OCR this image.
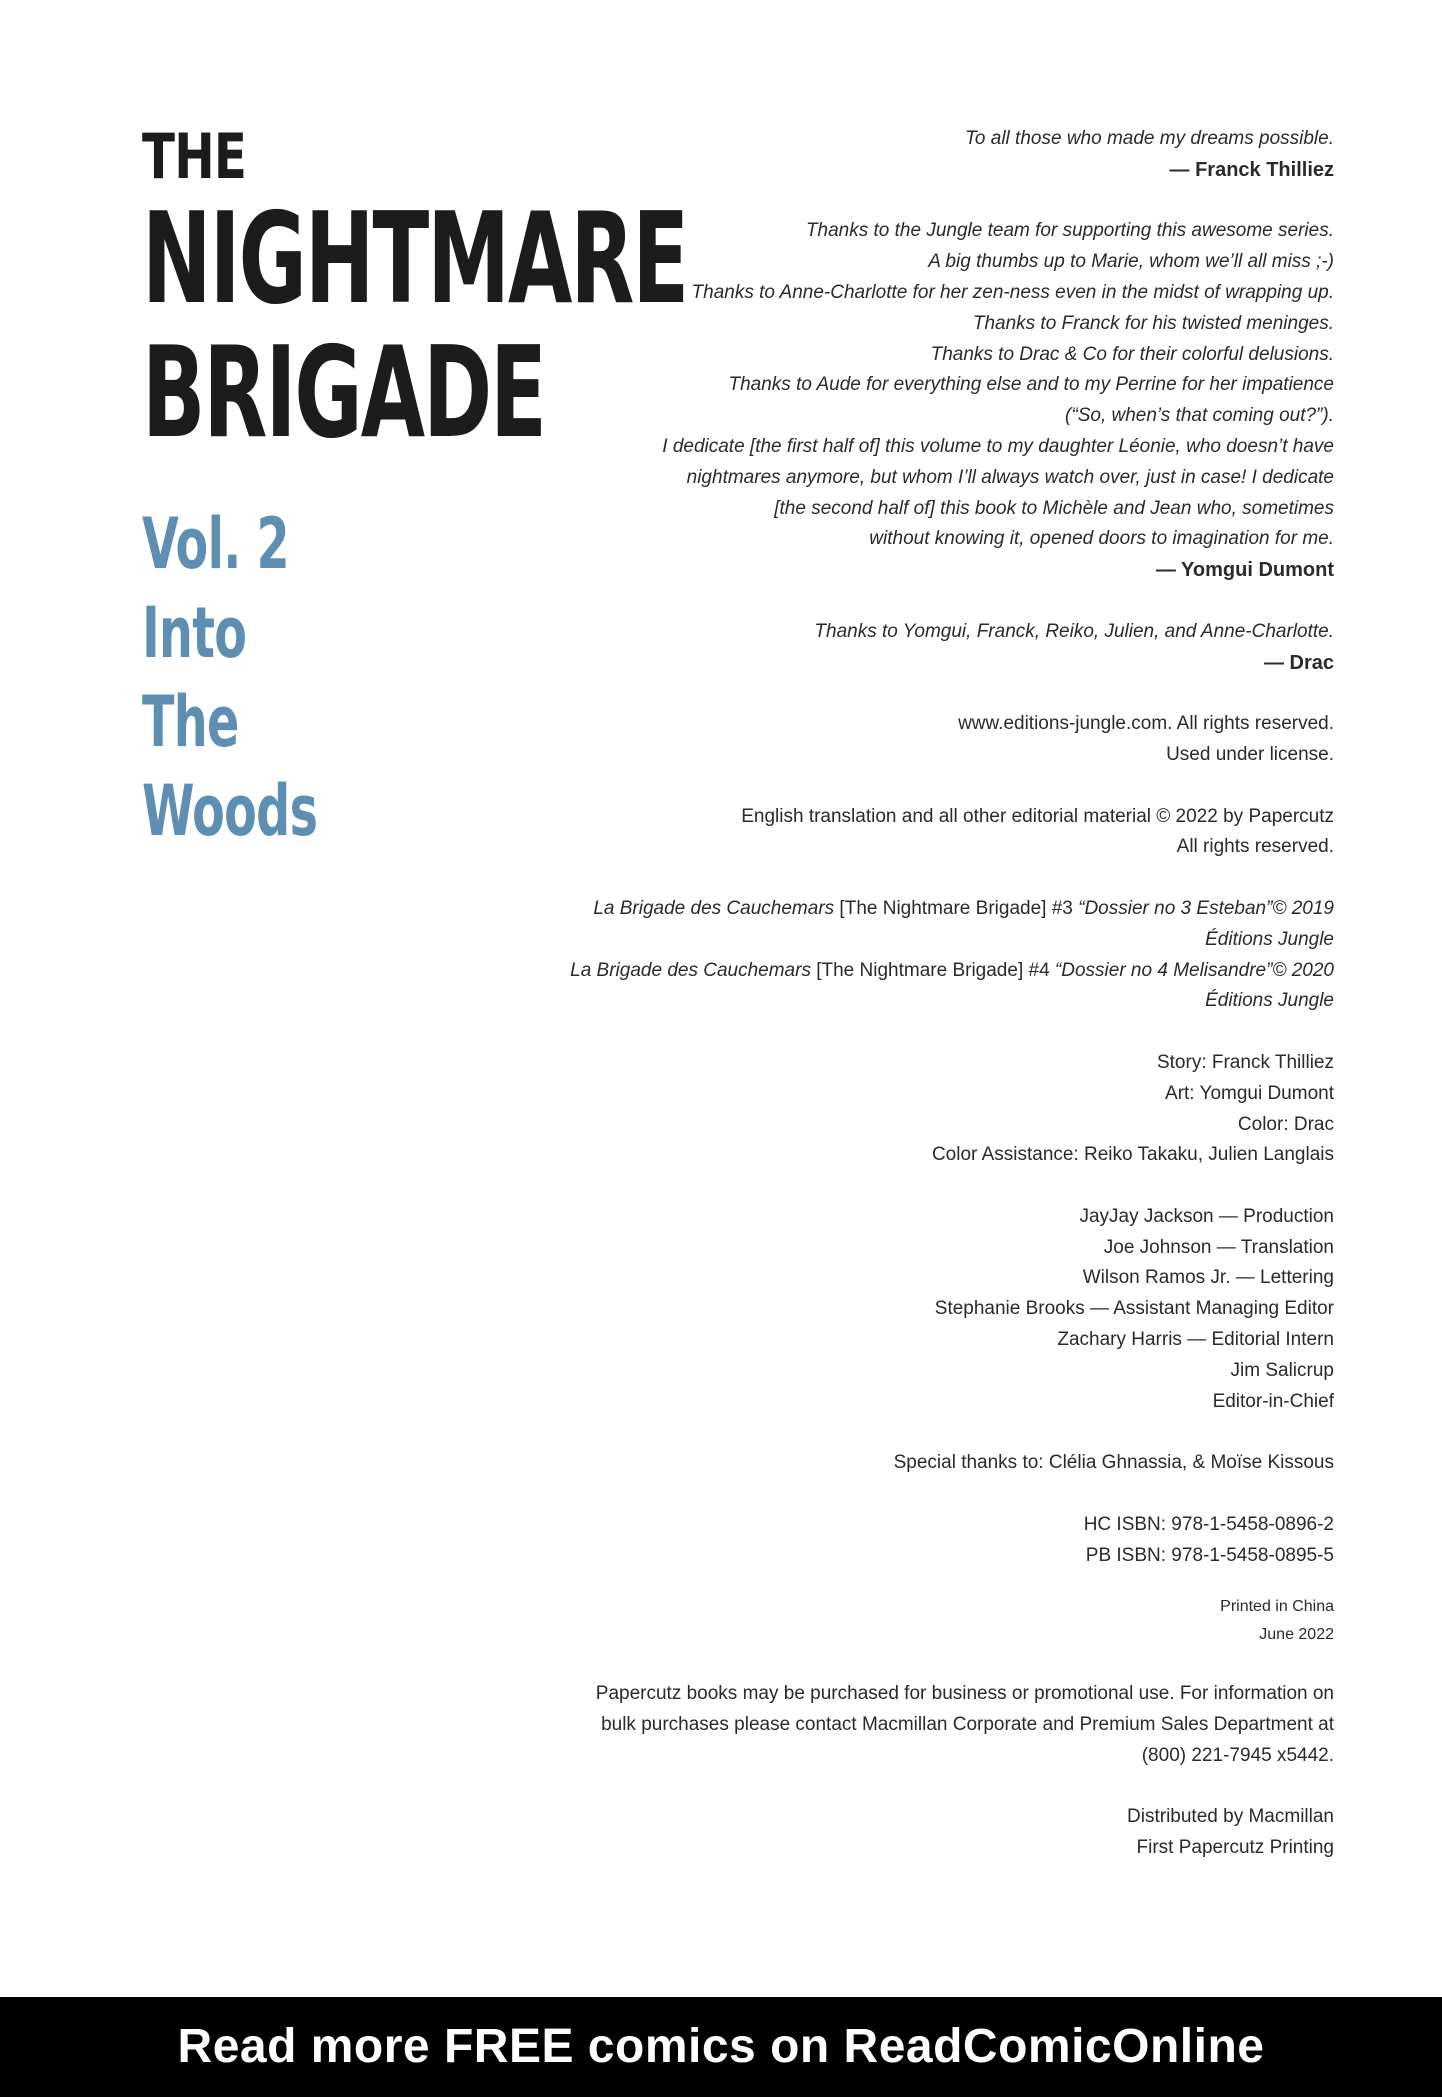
THE
NIGHTMARE
BRIGADE
Vol. 2
Into
The
Woods

To all those who made my dreams possible.

— Franck Thilliez

Thanks to the Jungle team for supporting this awesome series.

A big thumbs up to Marie, whom we’ll all miss ;-)

Thanks to Anne-Charlotte for her zen-ness even in the midst of wrapping up.

Thanks to Franck for his twisted meninges.

Thanks to Drac & Co for their colorful delusions.

Thanks to Aude for everything else and to my Perrine for her impatience

(“So, when’s that coming out?”).

I dedicate [the first half of] this volume to my daughter Léonie, who doesn’t have

nightmares anymore, but whom I’ll always watch over, just in case! I dedicate

[the second half of] this book to Michèle and Jean who, sometimes

without knowing it, opened doors to imagination for me.

— Yomgui Dumont

Thanks to Yomgui, Franck, Reiko, Julien, and Anne-Charlotte.

— Drac

www.editions-jungle.com. All rights reserved.

Used under license.

English translation and all other editorial material © 2022 by Papercutz

All rights reserved.

La Brigade des Cauchemars [The Nightmare Brigade] #3 “Dossier no 3 Esteban”© 2019

Éditions Jungle

La Brigade des Cauchemars [The Nightmare Brigade] #4 “Dossier no 4 Melisandre”© 2020

Éditions Jungle

Story: Franck Thilliez

Art: Yomgui Dumont

Color: Drac

Color Assistance: Reiko Takaku, Julien Langlais

JayJay Jackson — Production

Joe Johnson — Translation

Wilson Ramos Jr. — Lettering

Stephanie Brooks — Assistant Managing Editor

Zachary Harris — Editorial Intern

Jim Salicrup

Editor-in-Chief

Special thanks to: Clélia Ghnassia, & Moïse Kissous

HC ISBN: 978-1-5458-0896-2

PB ISBN: 978-1-5458-0895-5

Printed in China

June 2022

Papercutz books may be purchased for business or promotional use. For information on

bulk purchases please contact Macmillan Corporate and Premium Sales Department at

(800) 221-7945 x5442.

Distributed by Macmillan

First Papercutz Printing

Read more FREE comics on ReadComicOnline
